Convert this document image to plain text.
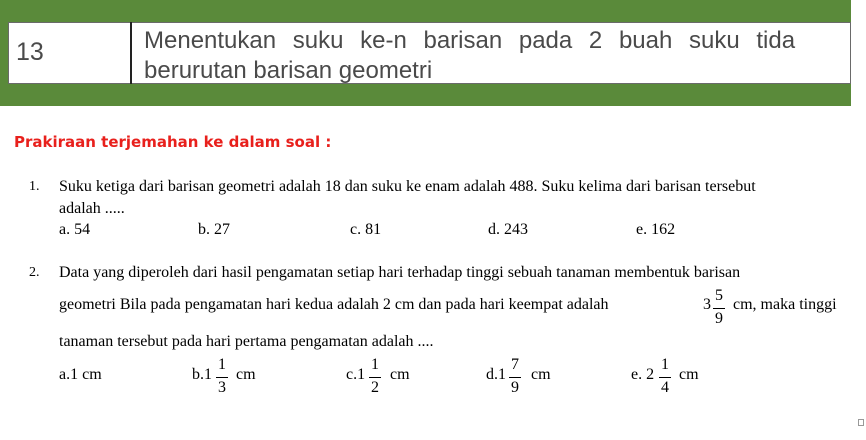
13	Menentukan suku ke-n barisan pada 2 buah suku tida
berurutan barisan geometri
Prakiraan terjemahan ke dalam soal :
1. Suku ketiga dari barisan geometri adalah 18 dan suku ke enam adalah 488. Suku kelima dari barisan tersebut
adalah .....
a. 54	b. 27	c. 81	d. 243	e. 162
2. Data yang diperoleh dari hasil pengamatan setiap hari terhadap tinggi sebuah tanaman membentuk barisan
geometri Bila pada pengamatan hari kedua adalah 2 cm dan pada hari keempat adalah	3
5
9
cm, maka tinggi
tanaman tersebut pada hari pertama pengamatan adalah ....
a.1 cm	b.1
1
3
cm	c.1
1
2
cm	d.1
7
9
cm	e. 2
1
4
cm
